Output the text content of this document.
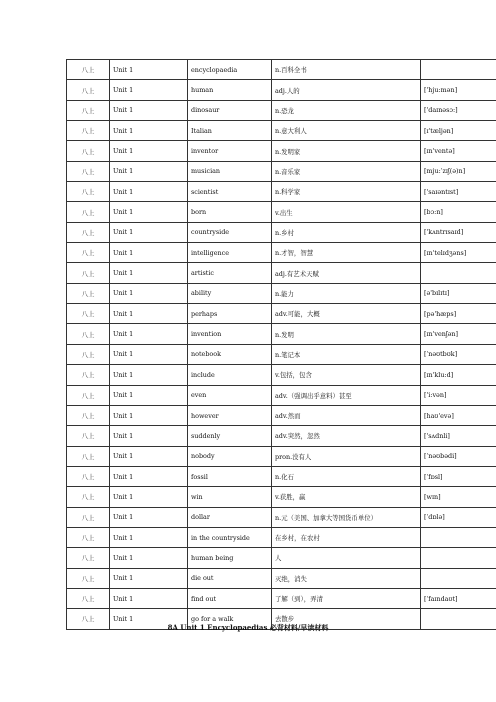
八上	Unit 1	encyclopaedia	n.百科全书	
八上	Unit 1	human	adj.人的	['hju:mən]
八上	Unit 1	dinosaur	n.恐龙	['daɪnəsɔ:]
八上	Unit 1	Italian	n.意大利人	[ɪ'tæljən]
八上	Unit 1	inventor	n.发明家	[ɪn'ventə]
八上	Unit 1	musician	n.音乐家	[mju:ˈzɪʃ(ə)n]
八上	Unit 1	scientist	n.科学家	['saɪəntɪst]
八上	Unit 1	born	v.出生	[bɔ:n]
八上	Unit 1	countryside	n.乡村	['kʌntrɪsaɪd]
八上	Unit 1	intelligence	n.才智，智慧	[ɪn'telɪdʒəns]
八上	Unit 1	artistic	adj.有艺术天赋	
八上	Unit 1	ability	n.能力	[ə'bɪlɪtɪ]
八上	Unit 1	perhaps	adv.可能，大概	[pə'hæps]
八上	Unit 1	invention	n.发明	[ɪn'venʃən]
八上	Unit 1	notebook	n.笔记本	[ˈnəʊtbʊk]
八上	Unit 1	include	v.包括，包含	[ɪn'klu:d]
八上	Unit 1	even	adv.（强调出乎意料）甚至	['i:vən]
八上	Unit 1	however	adv.然而	[haʊ'evə]
八上	Unit 1	suddenly	adv.突然，忽然	['sʌdnli]
八上	Unit 1	nobody	pron.没有人	[ˈnəʊbədi]
八上	Unit 1	fossil	n.化石	[ˈfɒsl]
八上	Unit 1	win	v.获胜，赢	[wɪn]
八上	Unit 1	dollar	n.元（美国、加拿大等国货币单位）	[ˈdɒlə]
八上	Unit 1	in the countryside	在乡村，在农村	
八上	Unit 1	human being	人	
八上	Unit 1	die out	灭绝，消失	
八上	Unit 1	find out	了解（到），弄清	[ˈfaɪndaʊt]
八上	Unit 1	go for a walk	去散步	
8A Unit 1 Encyclopaedias 必背材料/早读材料
